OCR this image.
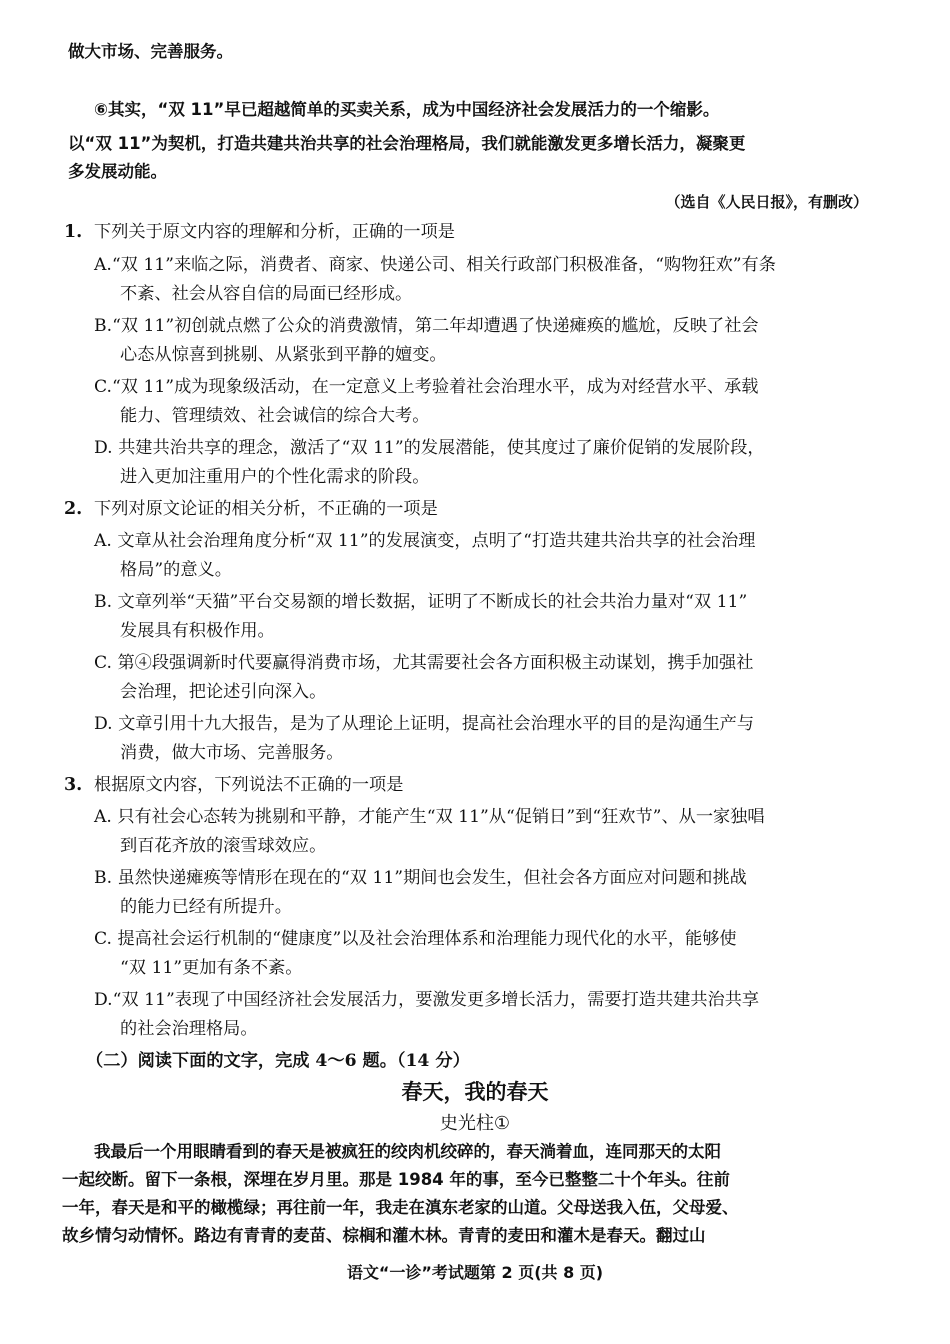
做大市场、完善服务。
⑥其实，“双 11”早已超越简单的买卖关系，成为中国经济社会发展活力的一个缩影。
以“双 11”为契机，打造共建共治共享的社会治理格局，我们就能激发更多增长活力，凝聚更
多发展动能。
（选自《人民日报》，有删改）
1. 下列关于原文内容的理解和分析，正确的一项是
A.“双 11”来临之际，消费者、商家、快递公司、相关行政部门积极准备，“购物狂欢”有条
不紊、社会从容自信的局面已经形成。
B.“双 11”初创就点燃了公众的消费激情，第二年却遭遇了快递瘫痪的尴尬，反映了社会
心态从惊喜到挑剔、从紧张到平静的嬗变。
C.“双 11”成为现象级活动，在一定意义上考验着社会治理水平，成为对经营水平、承载
能力、管理绩效、社会诚信的综合大考。
D. 共建共治共享的理念，激活了“双 11”的发展潜能，使其度过了廉价促销的发展阶段，
进入更加注重用户的个性化需求的阶段。
2. 下列对原文论证的相关分析，不正确的一项是
A. 文章从社会治理角度分析“双 11”的发展演变，点明了“打造共建共治共享的社会治理
格局”的意义。
B. 文章列举“天猫”平台交易额的增长数据，证明了不断成长的社会共治力量对“双 11”
发展具有积极作用。
C. 第④段强调新时代要赢得消费市场，尤其需要社会各方面积极主动谋划，携手加强社
会治理，把论述引向深入。
D. 文章引用十九大报告，是为了从理论上证明，提高社会治理水平的目的是沟通生产与
消费，做大市场、完善服务。
3. 根据原文内容，下列说法不正确的一项是
A. 只有社会心态转为挑剔和平静，才能产生“双 11”从“促销日”到“狂欢节”、从一家独唱
到百花齐放的滚雪球效应。
B. 虽然快递瘫痪等情形在现在的“双 11”期间也会发生，但社会各方面应对问题和挑战
的能力已经有所提升。
C. 提高社会运行机制的“健康度”以及社会治理体系和治理能力现代化的水平，能够使
“双 11”更加有条不紊。
D.“双 11”表现了中国经济社会发展活力，要激发更多增长活力，需要打造共建共治共享
的社会治理格局。
（二）阅读下面的文字，完成 4～6 题。（14 分）
春天，我的春天
史光柱①
我最后一个用眼睛看到的春天是被疯狂的绞肉机绞碎的，春天淌着血，连同那天的太阳
一起绞断。留下一条根，深埋在岁月里。那是 1984 年的事，至今已整整二十个年头。往前
一年，春天是和平的橄榄绿；再往前一年，我走在滇东老家的山道。父母送我入伍，父母爱、
故乡情匀动情怀。路边有青青的麦苗、棕榈和灌木林。青青的麦田和灌木是春天。翻过山
语文“一诊”考试题第 2 页(共 8 页)
